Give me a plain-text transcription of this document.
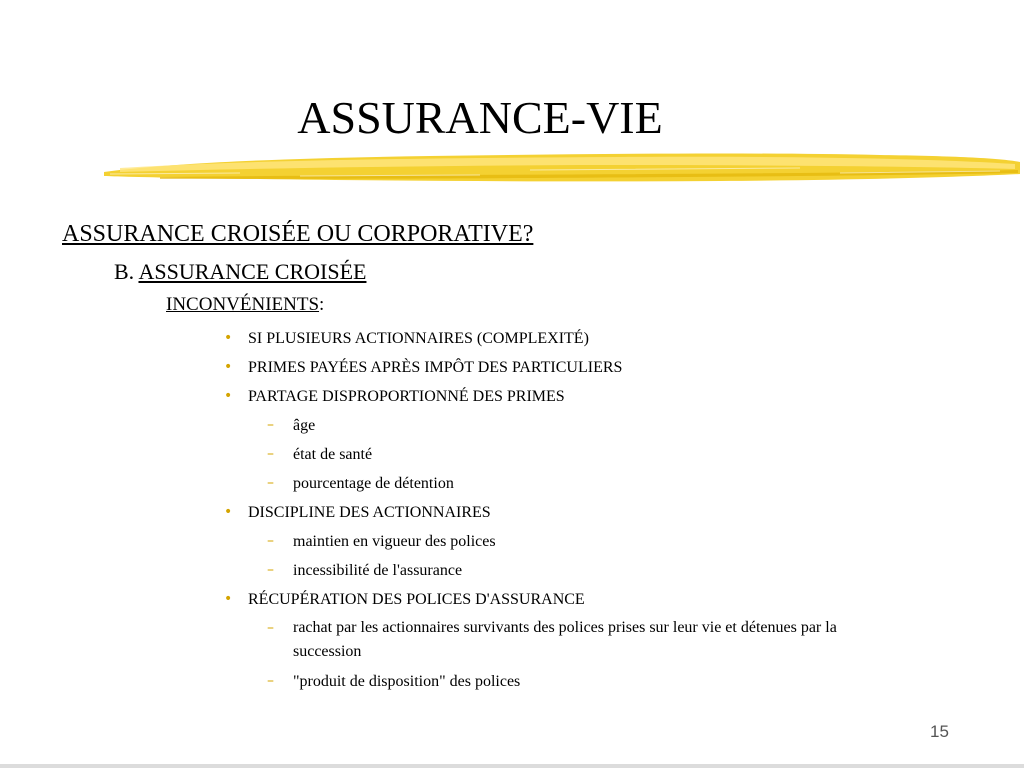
ASSURANCE-VIE
ASSURANCE CROISÉE OU CORPORATIVE?
B. ASSURANCE CROISÉE
INCONVÉNIENTS:
• SI PLUSIEURS ACTIONNAIRES (COMPLEXITÉ)
• PRIMES PAYÉES APRÈS IMPÔT DES PARTICULIERS
• PARTAGE DISPROPORTIONNÉ DES PRIMES
– âge
– état de santé
– pourcentage de détention
• DISCIPLINE DES ACTIONNAIRES
– maintien en vigueur des polices
– incessibilité de l'assurance
• RÉCUPÉRATION DES POLICES D'ASSURANCE
– rachat par les actionnaires survivants des polices prises sur leur vie et détenues par la succession
– "produit de disposition" des polices
15
